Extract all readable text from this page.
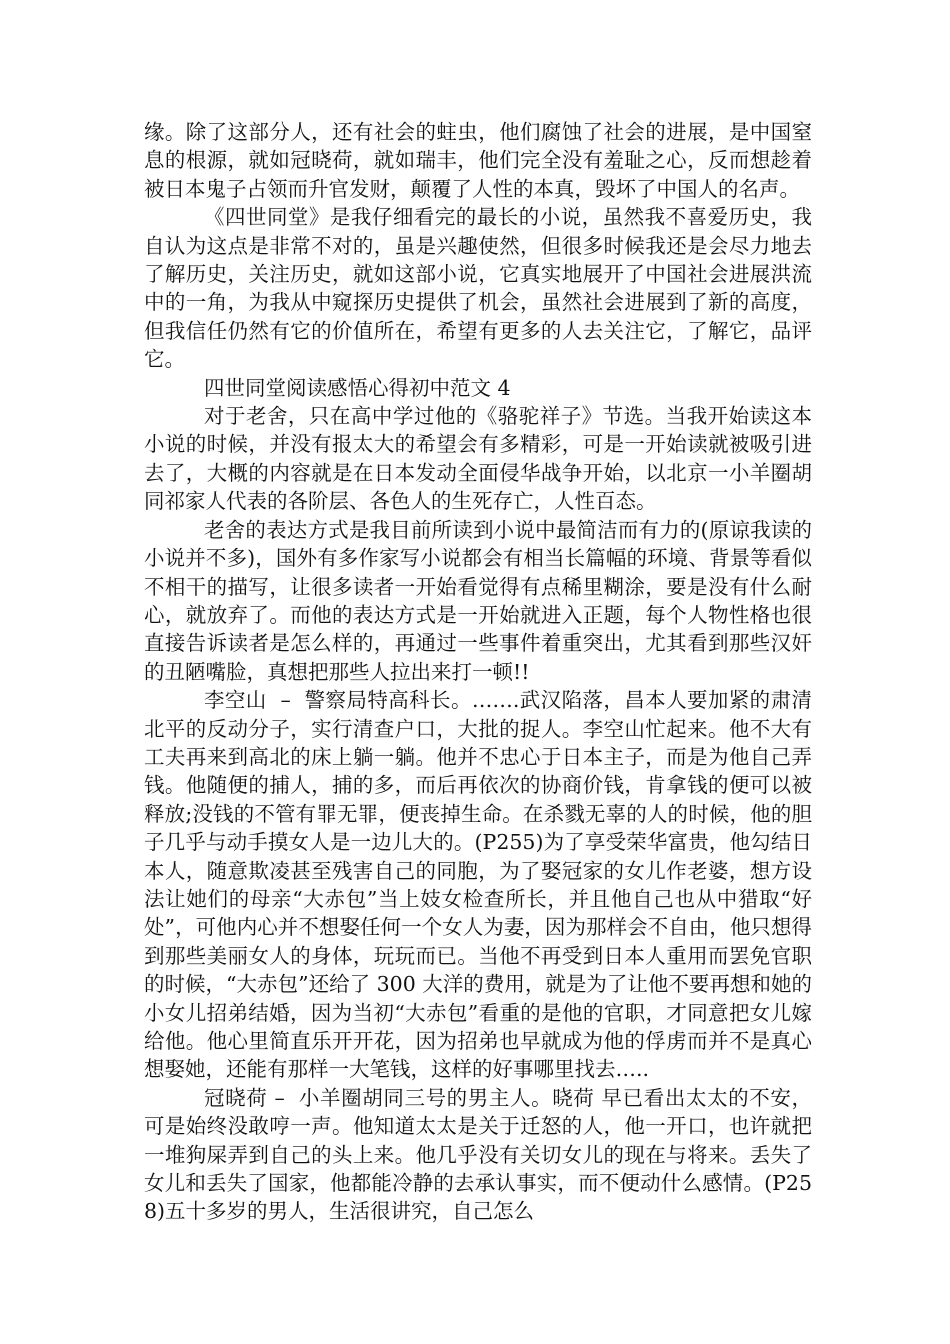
缘。除了这部分人，还有社会的蛀虫，他们腐蚀了社会的进展，是中国窒息的根源，就如冠晓荷，就如瑞丰，他们完全没有羞耻之心，反而想趁着被日本鬼子占领而升官发财，颠覆了人性的本真，毁坏了中国人的名声。

《四世同堂》是我仔细看完的最长的小说，虽然我不喜爱历史，我自认为这点是非常不对的，虽是兴趣使然，但很多时候我还是会尽力地去了解历史，关注历史，就如这部小说，它真实地展开了中国社会进展洪流中的一角，为我从中窥探历史提供了机会，虽然社会进展到了新的高度，但我信任仍然有它的价值所在，希望有更多的人去关注它，了解它，品评它。

四世同堂阅读感悟心得初中范文 4

对于老舍，只在高中学过他的《骆驼祥子》节选。当我开始读这本小说的时候，并没有报太大的希望会有多精彩，可是一开始读就被吸引进去了，大概的内容就是在日本发动全面侵华战争开始，以北京一小羊圈胡同祁家人代表的各阶层、各色人的生死存亡，人性百态。

老舍的表达方式是我目前所读到小说中最简洁而有力的(原谅我读的小说并不多)，国外有多作家写小说都会有相当长篇幅的环境、背景等看似不相干的描写，让很多读者一开始看觉得有点稀里糊涂，要是没有什么耐心，就放弃了。而他的表达方式是一开始就进入正题，每个人物性格也很直接告诉读者是怎么样的，再通过一些事件着重突出，尤其看到那些汉奸的丑陋嘴脸，真想把那些人拉出来打一顿!!

李空山  –  警察局特高科长。…….武汉陷落，昌本人要加紧的肃清北平的反动分子，实行清查户口，大批的捉人。李空山忙起来。他不大有工夫再来到高北的床上躺一躺。他并不忠心于日本主子，而是为他自己弄钱。他随便的捕人，捕的多，而后再依次的协商价钱，肯拿钱的便可以被释放;没钱的不管有罪无罪，便丧掉生命。在杀戮无辜的人的时候，他的胆子几乎与动手摸女人是一边儿大的。(P255)为了享受荣华富贵，他勾结日本人，随意欺凌甚至残害自己的同胞，为了娶冠家的女儿作老婆，想方设法让她们的母亲“大赤包”当上妓女检查所长，并且他自己也从中猎取“好处”，可他内心并不想娶任何一个女人为妻，因为那样会不自由，他只想得到那些美丽女人的身体，玩玩而已。当他不再受到日本人重用而罢免官职的时候，“大赤包”还给了 300 大洋的费用，就是为了让他不要再想和她的小女儿招弟结婚，因为当初“大赤包”看重的是他的官职，才同意把女儿嫁给他。他心里简直乐开开花，因为招弟也早就成为他的俘虏而并不是真心想娶她，还能有那样一大笔钱，这样的好事哪里找去…..

冠晓荷 –  小羊圈胡同三号的男主人。晓荷 早已看出太太的不安，可是始终没敢哼一声。他知道太太是关于迁怒的人，他一开口，也许就把一堆狗屎弄到自己的头上来。他几乎没有关切女儿的现在与将来。丢失了女儿和丢失了国家，他都能冷静的去承认事实，而不便动什么感情。(P258)五十多岁的男人，生活很讲究，自己怎么
